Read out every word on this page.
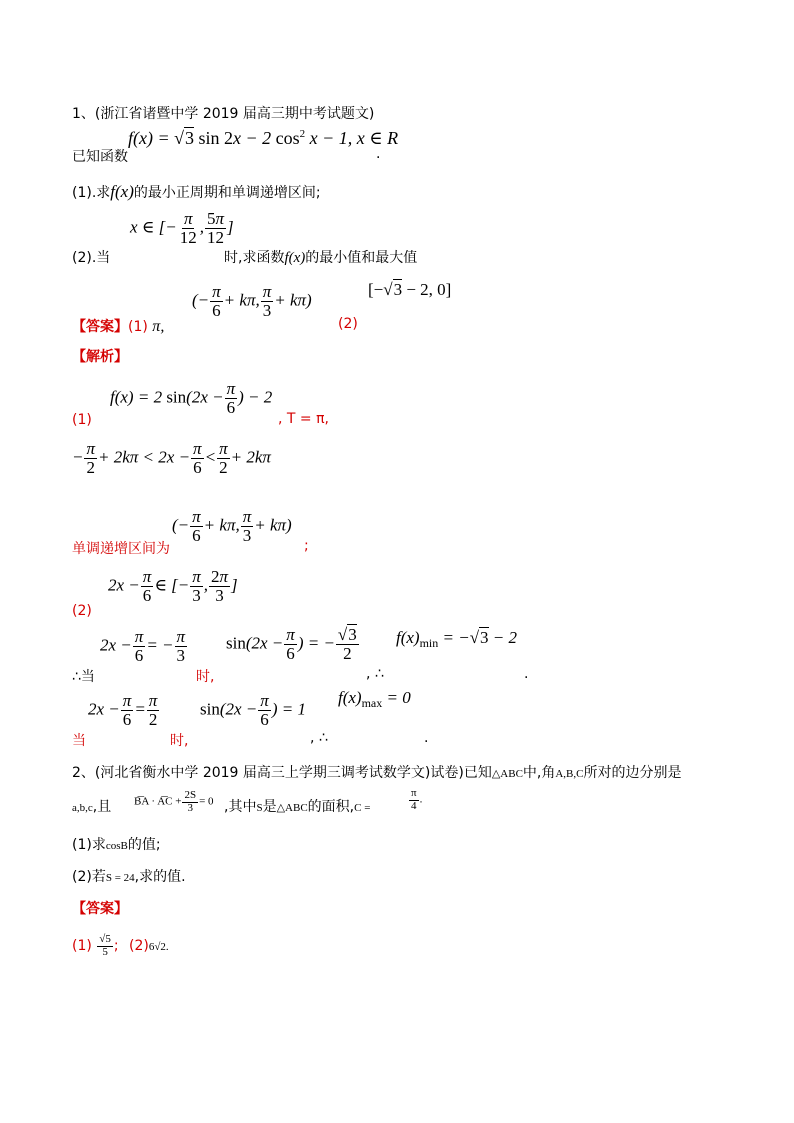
1、(浙江省诸暨中学 2019 届高三期中考试题文)
f(x) = √3 sin 2x − 2 $\cos^2 x - 1$, x ∈ R
已知函数	.
(1).求f(x)的最小正周期和单调递增区间;
x ∈ [− $\frac{\pi}{12}$ , $\frac{5\pi}{12}$ ]
(2).当	时,求函数f(x)的最小值和最大值
(− $\frac{\pi}{6} + k\pi$, $\frac{\pi}{3} + k\pi$)
[−√3 − 2, 0]
【答案】(1) π,	(2)
【解析】
f(x) = 2 $\sin(2x - \frac{\pi}{6}$ ) − 2
(1)	, T = π,
− $\frac{\pi}{2} + 2k\pi < 2x - \frac{\pi}{6} < \frac{\pi}{2} + 2k\pi$
(− $\frac{\pi}{6} + k\pi$, $\frac{\pi}{3} + k\pi$)
单调递增区间为	;
$2x - \frac{\pi}{6}$ ∈ [− $\frac{\pi}{3}$ , $\frac{2\pi}{3}$ ]
(2)
$2x - \frac{\pi}{6}$ = − $\frac{\pi}{3} \sin(2x - \frac{\pi}{6}$ ) = − $\frac{√3}{2} f(x)_{min} = -√3 - 2$
∴当	时,	, ∴	.
$2x - \frac{\pi}{6} = \frac{\pi}{2} \sin(2x - \frac{\pi}{6}$ ) = 1
$f(x)_{max} = 0$
当	时,	, ∴	.
2、(河北省衡水中学 2019 届高三上学期三调考试数学文)试卷)已知△ABC中,角A,B,C所对的边分别是
a,b,c,且 B͞A · A͞C + $\frac{2S}{3} = 0$ ,其中S是△ABC的面积,C =	$\frac{\pi}{4}$ .
(1)求cosB的值;
(2)若S = 24,求的值.
【答案】
$(1) \frac{√5}{5}$ ; (2)6√2.
